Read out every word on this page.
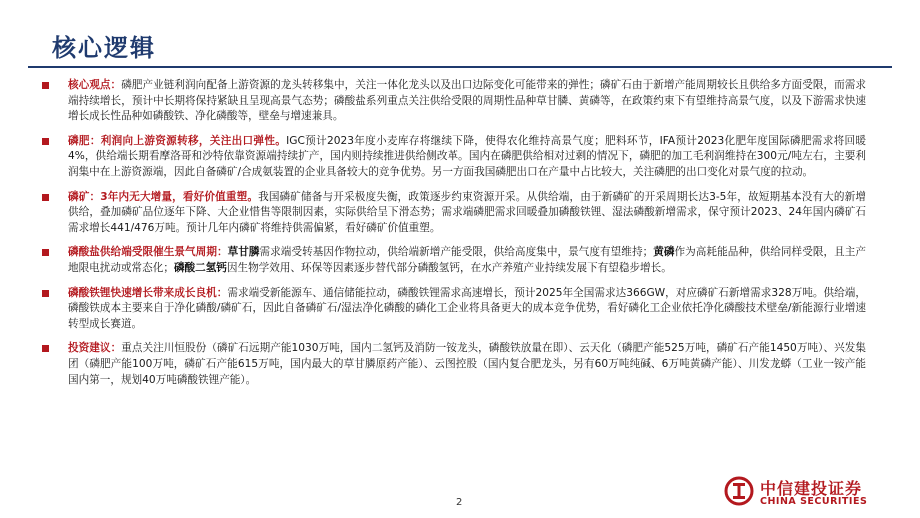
核心逻辑
核心观点：磷肥产业链利润向配备上游资源的龙头转移集中，关注一体化龙头以及出口边际变化可能带来的弹性；磷矿石由于新增产能周期较长且供给多方面受限，而需求端持续增长，预计中长期将保持紧缺且呈现高景气态势；磷酸盐系列重点关注供给受限的周期性品种草甘膦、黄磷等，在政策约束下有望维持高景气度，以及下游需求快速增长成长性品种如磷酸铁、净化磷酸等，壁垒与增速兼具。
磷肥：利润向上游资源转移，关注出口弹性。IGC预计2023年度小麦库存将继续下降，使得农化维持高景气度；肥料环节，IFA预计2023化肥年度国际磷肥需求将回暖4%，供给端长期看摩洛哥和沙特依靠资源端持续扩产，国内则持续推进供给侧改革。国内在磷肥供给相对过剩的情况下，磷肥的加工毛利润维持在300元/吨左右，主要利润集中在上游资源端，因此自备磷矿/合成氨装置的企业具备较大的竞争优势。另一方面我国磷肥出口在产量中占比较大，关注磷肥的出口变化对景气度的拉动。
磷矿：3年内无大增量，看好价值重塑。我国磷矿储备与开采极度失衡，政策逐步约束资源开采。从供给端，由于新磷矿的开采周期长达3-5年，故短期基本没有大的新增供给，叠加磷矿品位逐年下降、大企业惜售等限制因素，实际供给呈下滑态势；需求端磷肥需求回暖叠加磷酸铁锂、湿法磷酸新增需求，保守预计2023、24年国内磷矿石需求增长441/476万吨。预计几年内磷矿将维持供需偏紧，看好磷矿价值重塑。
磷酸盐供给端受限催生景气周期：草甘膦需求端受转基因作物拉动，供给端新增产能受限，供给高度集中，景气度有望维持；黄磷作为高耗能品种，供给同样受限，且主产地限电扰动或常态化；磷酸二氢钙因生物学效用、环保等因素逐步替代部分磷酸氢钙，在水产养殖产业持续发展下有望稳步增长。
磷酸铁锂快速增长带来成长良机：需求端受新能源车、通信储能拉动，磷酸铁锂需求高速增长，预计2025年全国需求达366GW，对应磷矿石新增需求328万吨。供给端，磷酸铁成本主要来自于净化磷酸/磷矿石，因此自备磷矿石/湿法净化磷酸的磷化工企业将具备更大的成本竞争优势，看好磷化工企业依托净化磷酸技术壁垒/新能源行业增速转型成长赛道。
投资建议：重点关注川恒股份（磷矿石远期产能1030万吨，国内二氢钙及消防一铵龙头，磷酸铁放量在即）、云天化（磷肥产能525万吨，磷矿石产能1450万吨）、兴发集团（磷肥产能100万吨，磷矿石产能615万吨，国内最大的草甘膦原药产能）、云图控股（国内复合肥龙头，另有60万吨纯碱、6万吨黄磷产能）、川发龙蟒（工业一铵产能国内第一，规划40万吨磷酸铁锂产能）。
2
中信建投证券
CHINA SECURITIES
